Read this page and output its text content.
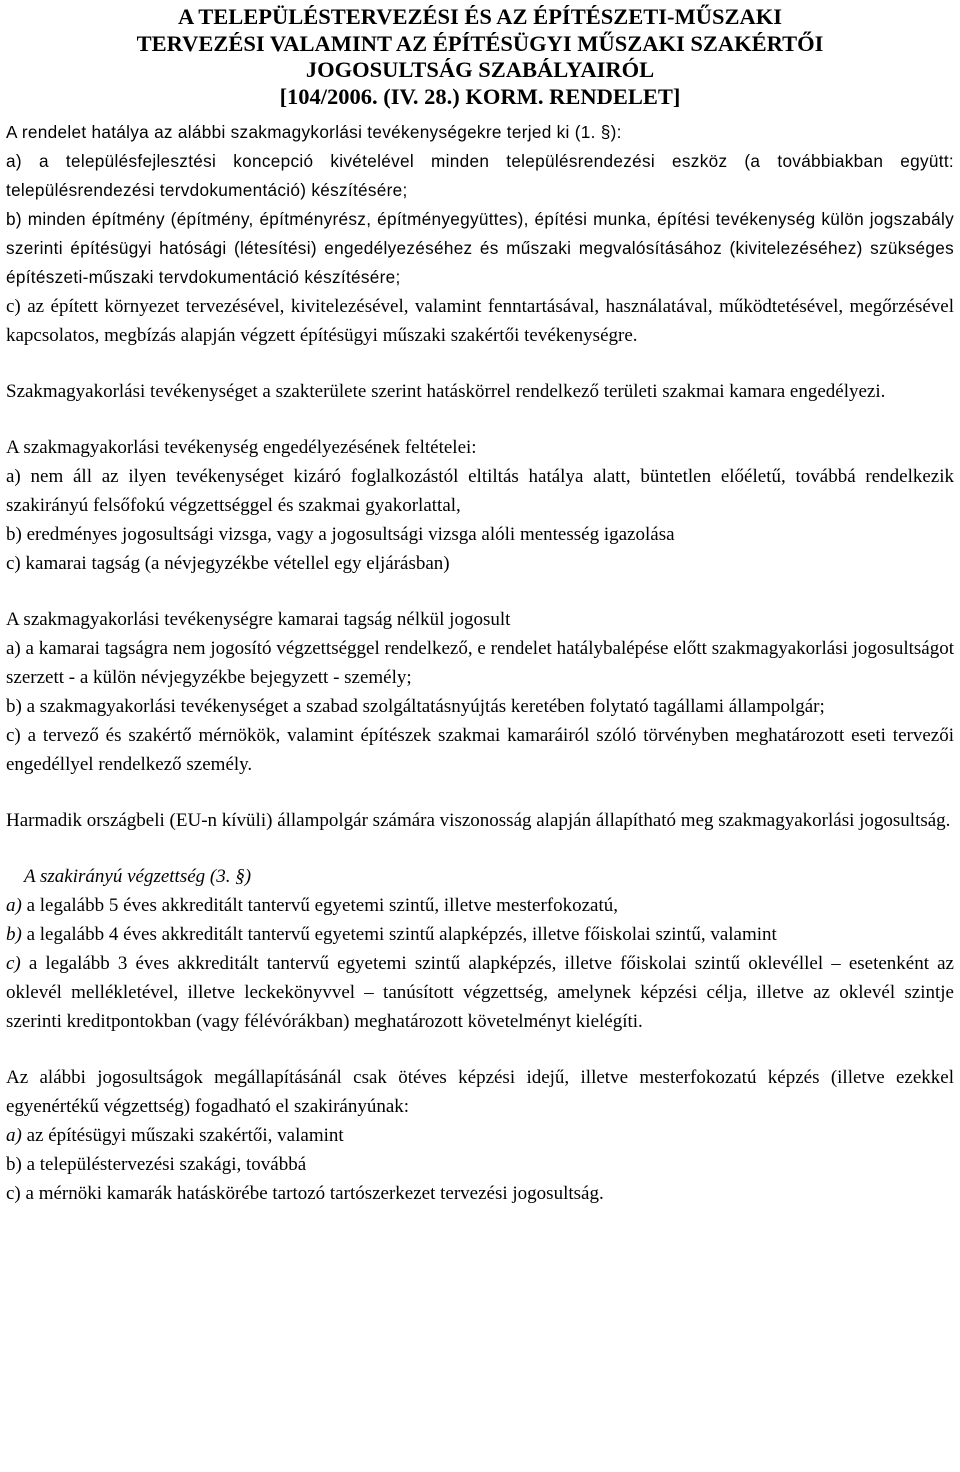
A TELEPÜLÉSTERVEZÉSI ÉS AZ ÉPÍTÉSZETI-MŰSZAKI
TERVEZÉSI VALAMINT AZ ÉPÍTÉSÜGYI MŰSZAKI SZAKÉRTŐI
JOGOSULTSÁG SZABÁLYAIRÓL
[104/2006. (IV. 28.) KORM. RENDELET]

A rendelet hatálya az alábbi szakmagykorlási tevékenységekre terjed ki (1. §):

a) a településfejlesztési koncepció kivételével minden településrendezési eszköz (a továbbiakban együtt: településrendezési tervdokumentáció) készítésére;

b) minden építmény (építmény, építményrész, építményegyüttes), építési munka, építési tevékenység külön jogszabály szerinti építésügyi hatósági (létesítési) engedélyezéséhez és műszaki megvalósításához (kivitelezéséhez) szükséges építészeti-műszaki tervdokumentáció készítésére;

c) az épített környezet tervezésével, kivitelezésével, valamint fenntartásával, használatával, működtetésével, megőrzésével kapcsolatos, megbízás alapján végzett építésügyi műszaki szakértői tevékenységre.

Szakmagyakorlási tevékenységet a szakterülete szerint hatáskörrel rendelkező területi szakmai kamara engedélyezi.

A szakmagyakorlási tevékenység engedélyezésének feltételei:

a) nem áll az ilyen tevékenységet kizáró foglalkozástól eltiltás hatálya alatt, büntetlen előéletű, továbbá rendelkezik szakirányú felsőfokú végzettséggel és szakmai gyakorlattal,

b) eredményes jogosultsági vizsga, vagy a jogosultsági vizsga alóli mentesség igazolása

c) kamarai tagság (a névjegyzékbe vétellel egy eljárásban)

A szakmagyakorlási tevékenységre kamarai tagság nélkül jogosult

a) a kamarai tagságra nem jogosító végzettséggel rendelkező, e rendelet hatálybalépése előtt szakmagyakorlási jogosultságot szerzett - a külön névjegyzékbe bejegyzett - személy;

b) a szakmagyakorlási tevékenységet a szabad szolgáltatásnyújtás keretében folytató tagállami állampolgár;

c) a tervező és szakértő mérnökök, valamint építészek szakmai kamaráiról szóló törvényben meghatározott eseti tervezői engedéllyel rendelkező személy.

Harmadik országbeli (EU-n kívüli) állampolgár számára viszonosság alapján állapítható meg szakmagyakorlási jogosultság.

A szakirányú végzettség (3. §)

a) a legalább 5 éves akkreditált tantervű egyetemi szintű, illetve mesterfokozatú,

b) a legalább 4 éves akkreditált tantervű egyetemi szintű alapképzés, illetve főiskolai szintű, valamint

c) a legalább 3 éves akkreditált tantervű egyetemi szintű alapképzés, illetve főiskolai szintű oklevéllel – esetenként az oklevél mellékletével, illetve leckekönyvvel – tanúsított végzettség, amelynek képzési célja, illetve az oklevél szintje szerinti kreditpontokban (vagy félévórákban) meghatározott követelményt kielégíti.

Az alábbi jogosultságok megállapításánál csak ötéves képzési idejű, illetve mesterfokozatú képzés (illetve ezekkel egyenértékű végzettség) fogadható el szakirányúnak:

a) az építésügyi műszaki szakértői, valamint

b) a településtervezési szakági, továbbá

c) a mérnöki kamarák hatáskörébe tartozó tartószerkezet tervezési jogosultság.
